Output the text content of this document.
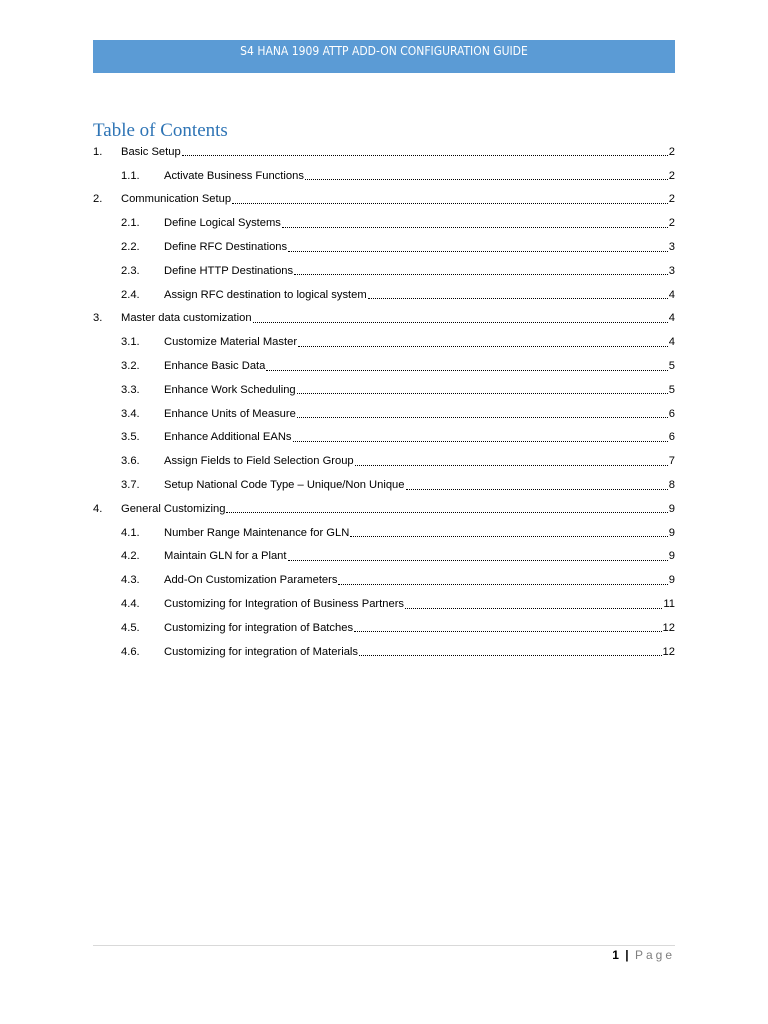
S4 HANA 1909 ATTP ADD-ON CONFIGURATION GUIDE
Table of Contents
1.	Basic Setup	2
1.1.	Activate Business Functions	2
2.	Communication Setup	2
2.1.	Define Logical Systems	2
2.2.	Define RFC Destinations	3
2.3.	Define HTTP Destinations	3
2.4.	Assign RFC destination to logical system	4
3.	Master data customization	4
3.1.	Customize Material Master	4
3.2.	Enhance Basic Data	5
3.3.	Enhance Work Scheduling	5
3.4.	Enhance Units of Measure	6
3.5.	Enhance Additional EANs	6
3.6.	Assign Fields to Field Selection Group	7
3.7.	Setup National Code Type – Unique/Non Unique	8
4.	General Customizing	9
4.1.	Number Range Maintenance for GLN	9
4.2.	Maintain GLN for a Plant	9
4.3.	Add-On Customization Parameters	9
4.4.	Customizing for Integration of Business Partners	11
4.5.	Customizing for integration of Batches	12
4.6.	Customizing for integration of Materials	12
1 | Page
